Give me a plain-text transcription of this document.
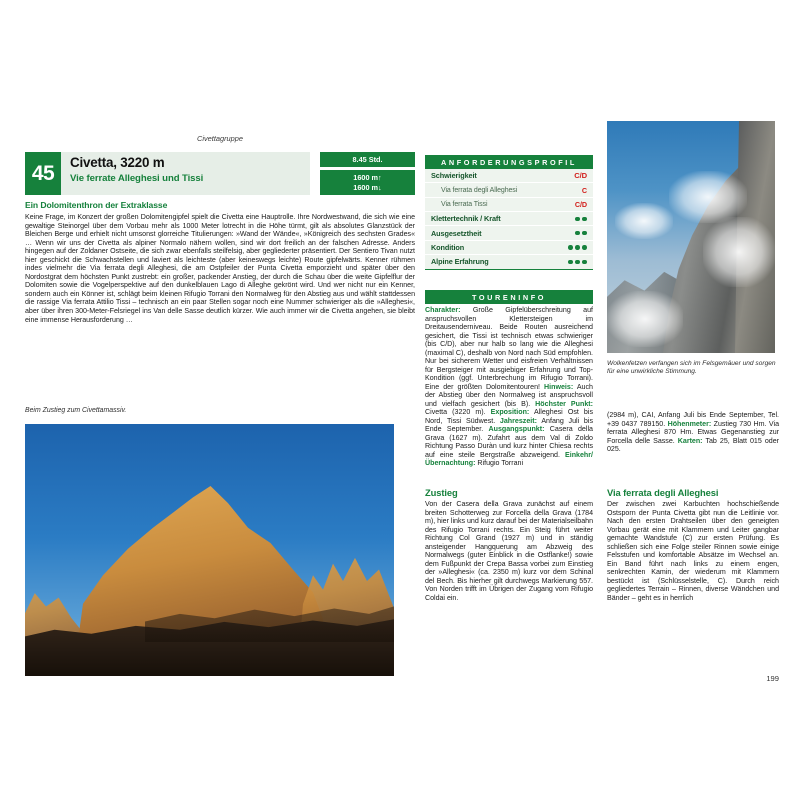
Civettagruppe
45	Civetta, 3220 m
Vie ferrate Alleghesi und Tissi
8.45 Std.
1600 m↑
1600 m↓
Ein Dolomitenthron der Extraklasse
Keine Frage, im Konzert der großen Dolomitengipfel spielt die Civetta eine Hauptrolle. Ihre Nordwestwand, die sich wie eine gewaltige Steinorgel über dem Vorbau mehr als 1000 Meter lotrecht in die Höhe türmt, gilt als absolutes Glanzstück der Bleichen Berge und erhielt nicht umsonst glorreiche Titulierungen: »Wand der Wände«, »Königreich des sechsten Grades« … Wenn wir uns der Civetta als alpiner Normalo nähern wollen, sind wir dort freilich an der falschen Adresse. Anders hingegen auf der Zoldaner Ostseite, die sich zwar ebenfalls steilfelsig, aber gegliederter präsentiert. Der Sentiero Tivan nutzt hier geschickt die Schwachstellen und laviert als leichteste (aber keineswegs leichte) Route gipfelwärts. Kenner rühmen indes vielmehr die Via ferrata degli Alleghesi, die am Ostpfeiler der Punta Civetta emporzieht und später über den Nordostgrat dem höchsten Punkt zustrebt: ein großer, packender Anstieg, der durch die Schau über die weite Gipfelflur der Dolomiten sowie die Vogelperspektive auf den dunkelblauen Lago di Alleghe gekrönt wird. Und wer nicht nur ein Kenner, sondern auch ein Könner ist, schlägt beim kleinen Rifugio Torrani den Normalweg für den Abstieg aus und wählt stattdessen die rassige Via ferrata Attilio Tissi – technisch an ein paar Stellen sogar noch eine Nummer schwieriger als die »Alleghesi«, aber über ihren 300-Meter-Felsriegel ins Van delle Sasse deutlich kürzer. Wie auch immer wir die Civetta angehen, sie bleibt eine immense Herausforderung …
Beim Zustieg zum Civettamassiv.
Wolkenfetzen verfangen sich im Felsgemäuer und sorgen für eine unwirkliche Stimmung.
ANFORDERUNGSPROFIL
Schwierigkeit	C/D
Via ferrata degli Alleghesi	C
Via ferrata Tissi	C/D
Klettertechnik / Kraft
Ausgesetztheit
Kondition
Alpine Erfahrung
TOURENINFO
Charakter: Große Gipfelüberschreitung auf anspruchsvollen Klettersteigen im Dreitausenderniveau. Beide Routen ausreichend gesichert, die Tissi ist technisch etwas schwieriger (bis C/D), aber nur halb so lang wie die Alleghesi (maximal C), deshalb von Nord nach Süd empfohlen. Nur bei sicherem Wetter und eisfreien Verhältnissen für Bergsteiger mit ausgiebiger Erfahrung und Top-Kondition (ggf. Unterbrechung im Rifugio Torrani). Eine der größten Dolomitentouren! Hinweis: Auch der Abstieg über den Normalweg ist anspruchsvoll und vielfach gesichert (bis B). Höchster Punkt: Civetta (3220 m). Exposition: Alleghesi Ost bis Nord, Tissi Südwest. Jahreszeit: Anfang Juli bis Ende September. Ausgangspunkt: Casera della Grava (1627 m). Zufahrt aus dem Val di Zoldo Richtung Passo Duràn und kurz hinter Chiesa rechts auf eine steile Bergstraße abzweigend. Einkehr/Übernachtung: Rifugio Torrani
(2984 m), CAI, Anfang Juli bis Ende September, Tel. +39 0437 789150. Höhenmeter: Zustieg 730 Hm. Via ferrata Alleghesi 870 Hm. Etwas Gegenanstieg zur Forcella delle Sasse. Karten: Tab 25, Blatt 015 oder 025.
Zustieg
Von der Casera della Grava zunächst auf einem breiten Schotterweg zur Forcella della Grava (1784 m), hier links und kurz darauf bei der Materialseilbahn des Rifugio Torrani rechts. Ein Steig führt weiter Richtung Col Grand (1927 m) und in ständig ansteigender Hangquerung am Abzweig des Normalwegs (guter Einblick in die Ostflanke!) sowie dem Fußpunkt der Crepa Bassa vorbei zum Einstieg der »Alleghesi« (ca. 2350 m) kurz vor dem Schinal del Bech. Bis hierher gilt durchwegs Markierung 557. Von Norden trifft im Übrigen der Zugang vom Rifugio Coldai ein.
Via ferrata degli Alleghesi
Der zwischen zwei Karbuchten hochschießende Ostsporn der Punta Civetta gibt nun die Leitlinie vor. Nach den ersten Drahtseilen über den geneigten Vorbau gerät eine mit Klammern und Leiter gangbar gemachte Wandstufe (C) zur ersten Prüfung. Es schließen sich eine Folge steiler Rinnen sowie einige Felsstufen und komfortable Absätze im Wechsel an. Ein Band führt nach links zu einem engen, senkrechten Kamin, der wiederum mit Klammern bestückt ist (Schlüsselstelle, C). Durch reich gegliedertes Terrain – Rinnen, diverse Wändchen und Bänder – geht es in herrlich
199
